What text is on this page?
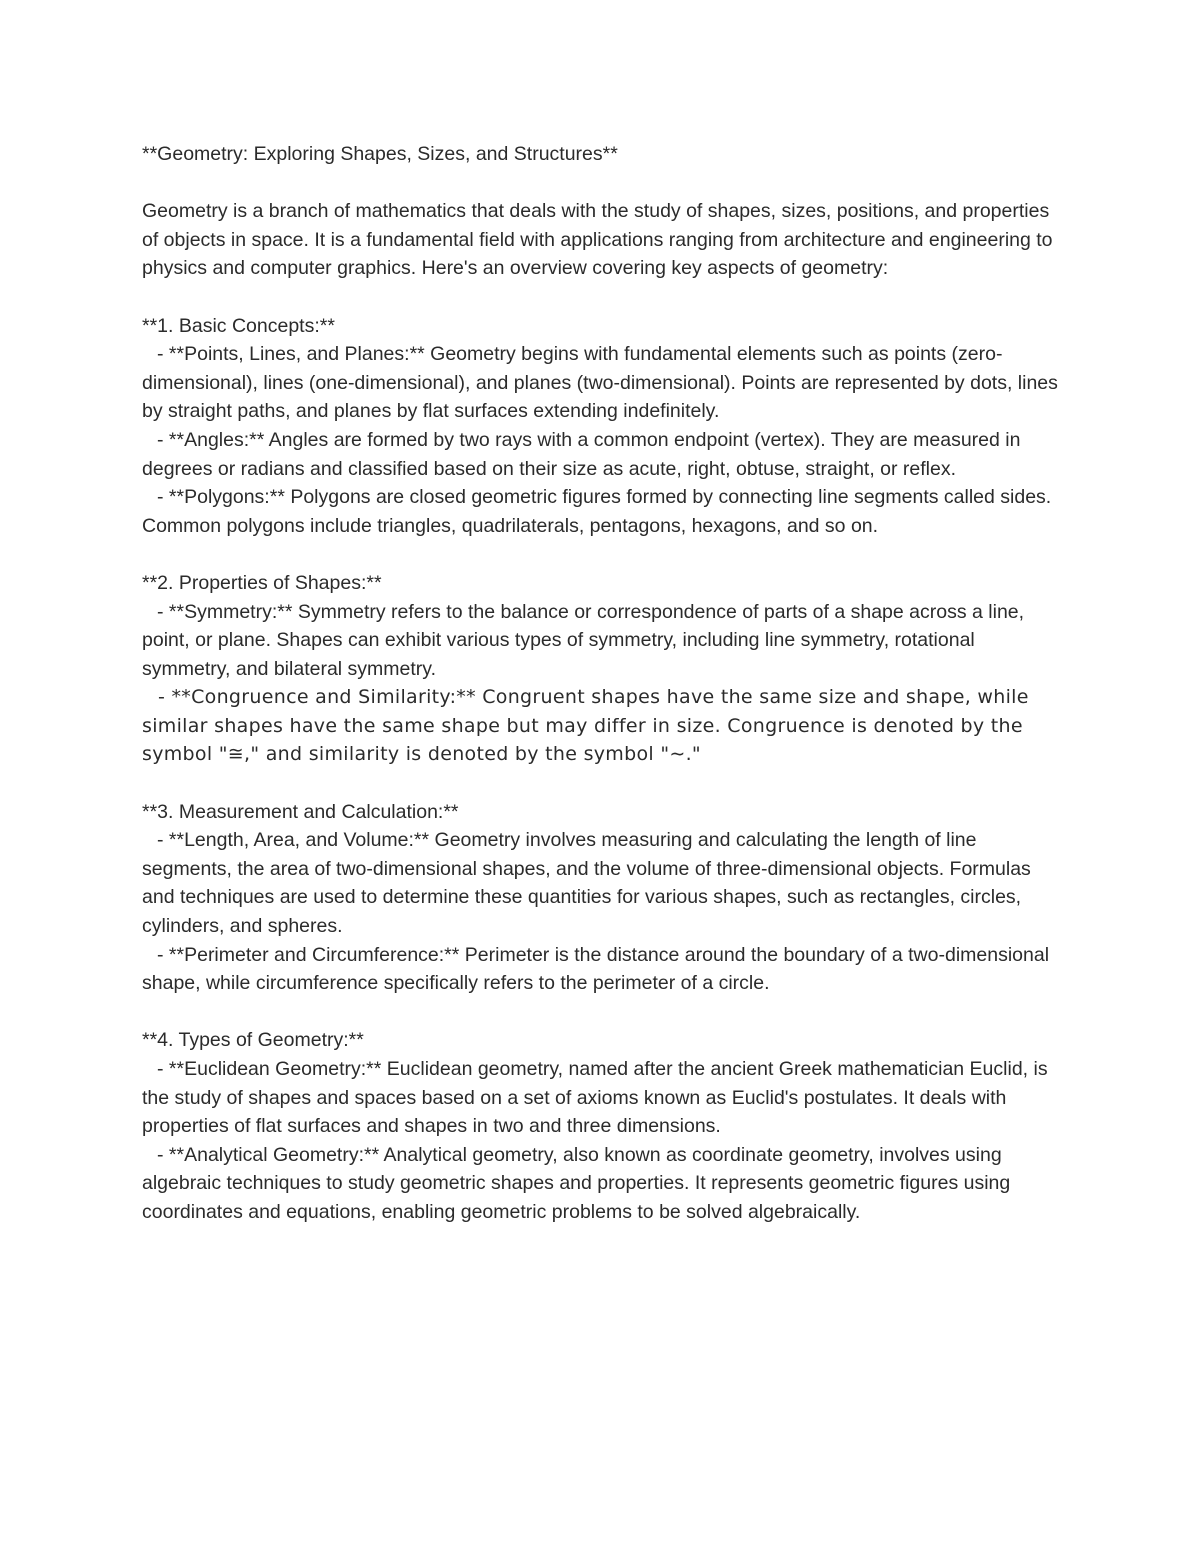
**Geometry: Exploring Shapes, Sizes, and Structures**

Geometry is a branch of mathematics that deals with the study of shapes, sizes, positions, and properties of objects in space. It is a fundamental field with applications ranging from architecture and engineering to physics and computer graphics. Here's an overview covering key aspects of geometry:

**1. Basic Concepts:**

- **Points, Lines, and Planes:** Geometry begins with fundamental elements such as points (zero-dimensional), lines (one-dimensional), and planes (two-dimensional). Points are represented by dots, lines by straight paths, and planes by flat surfaces extending indefinitely.

- **Angles:** Angles are formed by two rays with a common endpoint (vertex). They are measured in degrees or radians and classified based on their size as acute, right, obtuse, straight, or reflex.

- **Polygons:** Polygons are closed geometric figures formed by connecting line segments called sides. Common polygons include triangles, quadrilaterals, pentagons, hexagons, and so on.

**2. Properties of Shapes:**

- **Symmetry:** Symmetry refers to the balance or correspondence of parts of a shape across a line, point, or plane. Shapes can exhibit various types of symmetry, including line symmetry, rotational symmetry, and bilateral symmetry.

- **Congruence and Similarity:** Congruent shapes have the same size and shape, while similar shapes have the same shape but may differ in size. Congruence is denoted by the symbol "≅," and similarity is denoted by the symbol "∼."

**3. Measurement and Calculation:**

- **Length, Area, and Volume:** Geometry involves measuring and calculating the length of line segments, the area of two-dimensional shapes, and the volume of three-dimensional objects. Formulas and techniques are used to determine these quantities for various shapes, such as rectangles, circles, cylinders, and spheres.

- **Perimeter and Circumference:** Perimeter is the distance around the boundary of a two-dimensional shape, while circumference specifically refers to the perimeter of a circle.

**4. Types of Geometry:**

- **Euclidean Geometry:** Euclidean geometry, named after the ancient Greek mathematician Euclid, is the study of shapes and spaces based on a set of axioms known as Euclid's postulates. It deals with properties of flat surfaces and shapes in two and three dimensions.

- **Analytical Geometry:** Analytical geometry, also known as coordinate geometry, involves using algebraic techniques to study geometric shapes and properties. It represents geometric figures using coordinates and equations, enabling geometric problems to be solved algebraically.
